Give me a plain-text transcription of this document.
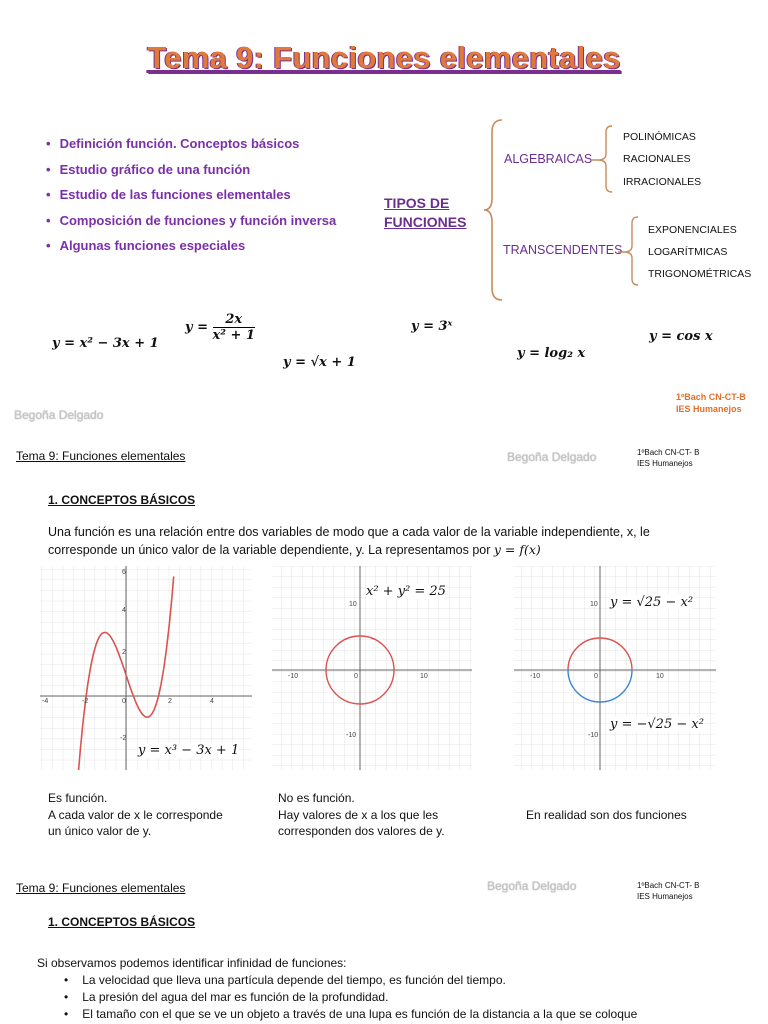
Tema 9: Funciones elementales
• Definición función. Conceptos básicos
• Estudio gráfico de una función
• Estudio de las funciones elementales
• Composición de funciones y función inversa
• Algunas funciones especiales
TIPOS DE
FUNCIONES
ALGEBRAICAS
POLINÓMICAS
RACIONALES
IRRACIONALES
TRANSCENDENTES
EXPONENCIALES
LOGARÍTMICAS
TRIGONOMÉTRICAS
y = x² − 3x + 1
$y = \frac{2x}{\text{x² + 1}}$
y = √x + 1
y = 3ˣ
y = log₂ x
y = cos x
Begoña Delgado
1ºBach CN-CT-B
IES Humanejos
Tema 9: Funciones elementales	Begoña Delgado	1ºBach CN-CT- B
IES Humanejos
1. CONCEPTOS BÁSICOS
Una función es una relación entre dos variables de modo que a cada valor de la variable independiente, x, le
corresponde un único valor de la variable dependiente, y. La representamos por y = f(x)
-4	-2	0	2	4
6
4
2
-2
y = x³ − 3x + 1
-10	0	10
10
-10
x² + y² = 25
-10	0	10
10
-10
y = √25 − x²
y = −√25 − x²
Es función.
A cada valor de x le corresponde
un único valor de y.
No es función.
Hay valores de x a los que les
corresponden dos valores de y.
En realidad son dos funciones
Tema 9: Funciones elementales	Begoña Delgado	1ºBach CN-CT- B
IES Humanejos
1. CONCEPTOS BÁSICOS
Si observamos podemos identificar infinidad de funciones:
• La velocidad que lleva una partícula depende del tiempo, es función del tiempo.
• La presión del agua del mar es función de la profundidad.
• El tamaño con el que se ve un objeto a través de una lupa es función de la distancia a la que se coloque
